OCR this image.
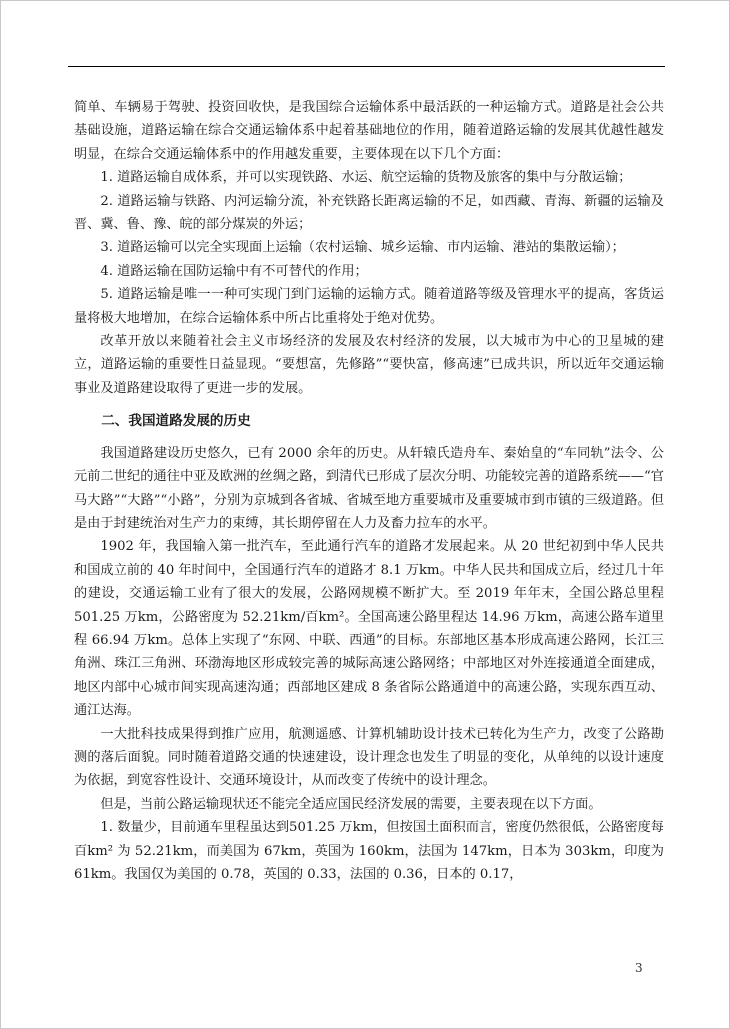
简单、车辆易于驾驶、投资回收快，是我国综合运输体系中最活跃的一种运输方式。道路是社会公共基础设施，道路运输在综合交通运输体系中起着基础地位的作用，随着道路运输的发展其优越性越发明显，在综合交通运输体系中的作用越发重要，主要体现在以下几个方面：

1. 道路运输自成体系，并可以实现铁路、水运、航空运输的货物及旅客的集中与分散运输；

2. 道路运输与铁路、内河运输分流，补充铁路长距离运输的不足，如西藏、青海、新疆的运输及晋、冀、鲁、豫、皖的部分煤炭的外运；

3. 道路运输可以完全实现面上运输（农村运输、城乡运输、市内运输、港站的集散运输）；

4. 道路运输在国防运输中有不可替代的作用；

5. 道路运输是唯一一种可实现门到门运输的运输方式。随着道路等级及管理水平的提高，客货运量将极大地增加，在综合运输体系中所占比重将处于绝对优势。

改革开放以来随着社会主义市场经济的发展及农村经济的发展，以大城市为中心的卫星城的建立，道路运输的重要性日益显现。“要想富，先修路”“要快富，修高速”已成共识，所以近年交通运输事业及道路建设取得了更进一步的发展。

二、我国道路发展的历史

我国道路建设历史悠久，已有 2000 余年的历史。从轩辕氏造舟车、秦始皇的“车同轨”法令、公元前二世纪的通往中亚及欧洲的丝绸之路，到清代已形成了层次分明、功能较完善的道路系统——“官马大路”“大路”“小路”，分别为京城到各省城、省城至地方重要城市及重要城市到市镇的三级道路。但是由于封建统治对生产力的束缚，其长期停留在人力及畜力拉车的水平。

1902 年，我国输入第一批汽车，至此通行汽车的道路才发展起来。从 20 世纪初到中华人民共和国成立前的 40 年时间中，全国通行汽车的道路才 8.1 万km。中华人民共和国成立后，经过几十年的建设，交通运输工业有了很大的发展，公路网规模不断扩大。至 2019 年年末，全国公路总里程 501.25 万km，公路密度为 52.21km/百km²。全国高速公路里程达 14.96 万km，高速公路车道里程 66.94 万km。总体上实现了“东网、中联、西通”的目标。东部地区基本形成高速公路网，长江三角洲、珠江三角洲、环渤海地区形成较完善的城际高速公路网络；中部地区对外连接通道全面建成，地区内部中心城市间实现高速沟通；西部地区建成 8 条省际公路通道中的高速公路，实现东西互动、通江达海。

一大批科技成果得到推广应用，航测遥感、计算机辅助设计技术已转化为生产力，改变了公路勘测的落后面貌。同时随着道路交通的快速建设，设计理念也发生了明显的变化，从单纯的以设计速度为依据，到宽容性设计、交通环境设计，从而改变了传统中的设计理念。

但是，当前公路运输现状还不能完全适应国民经济发展的需要，主要表现在以下方面。

1. 数量少，目前通车里程虽达到501.25 万km，但按国土面积而言，密度仍然很低，公路密度每百km² 为 52.21km，而美国为 67km，英国为 160km，法国为 147km，日本为 303km，印度为 61km。我国仅为美国的 0.78，英国的 0.33，法国的 0.36，日本的 0.17，

3
